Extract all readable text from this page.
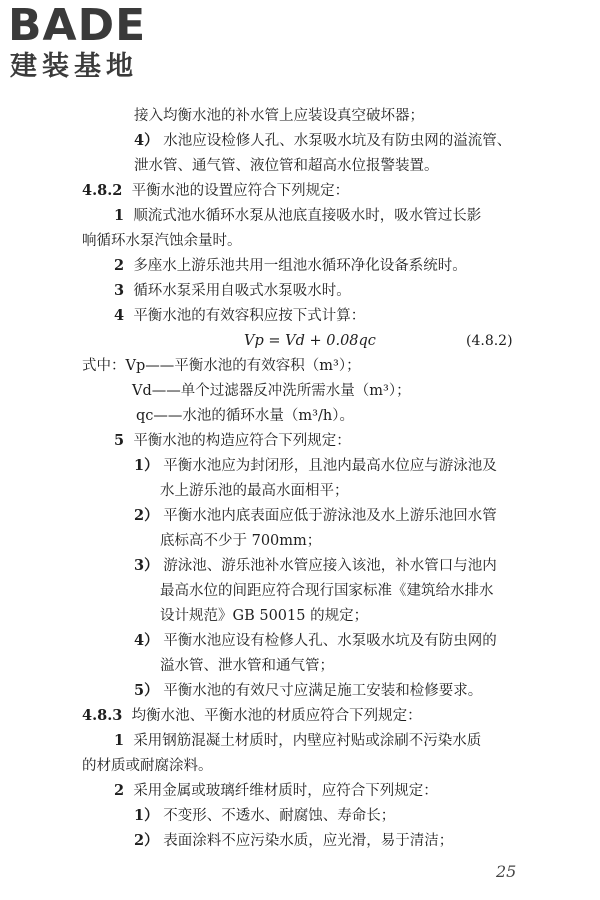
BADE
建装基地
接入均衡水池的补水管上应装设真空破坏器；
4） 水池应设检修人孔、水泵吸水坑及有防虫网的溢流管、
泄水管、通气管、液位管和超高水位报警装置。
4.8.2 平衡水池的设置应符合下列规定：
1 顺流式池水循环水泵从池底直接吸水时，吸水管过长影
响循环水泵汽蚀余量时。
2 多座水上游乐池共用一组池水循环净化设备系统时。
3 循环水泵采用自吸式水泵吸水时。
4 平衡水池的有效容积应按下式计算：
Vp = Vd + 0.08qc	(4.8.2)
式中：Vp——平衡水池的有效容积（m³）；
Vd——单个过滤器反冲洗所需水量（m³）；
qc——水池的循环水量（m³/h）。
5 平衡水池的构造应符合下列规定：
1） 平衡水池应为封闭形，且池内最高水位应与游泳池及
水上游乐池的最高水面相平；
2） 平衡水池内底表面应低于游泳池及水上游乐池回水管
底标高不少于 700mm；
3） 游泳池、游乐池补水管应接入该池，补水管口与池内
最高水位的间距应符合现行国家标准《建筑给水排水
设计规范》GB 50015 的规定；
4） 平衡水池应设有检修人孔、水泵吸水坑及有防虫网的
溢水管、泄水管和通气管；
5） 平衡水池的有效尺寸应满足施工安装和检修要求。
4.8.3 均衡水池、平衡水池的材质应符合下列规定：
1 采用钢筋混凝土材质时，内壁应衬贴或涂刷不污染水质
的材质或耐腐涂料。
2 采用金属或玻璃纤维材质时，应符合下列规定：
1） 不变形、不透水、耐腐蚀、寿命长；
2） 表面涂料不应污染水质，应光滑，易于清洁；
25
